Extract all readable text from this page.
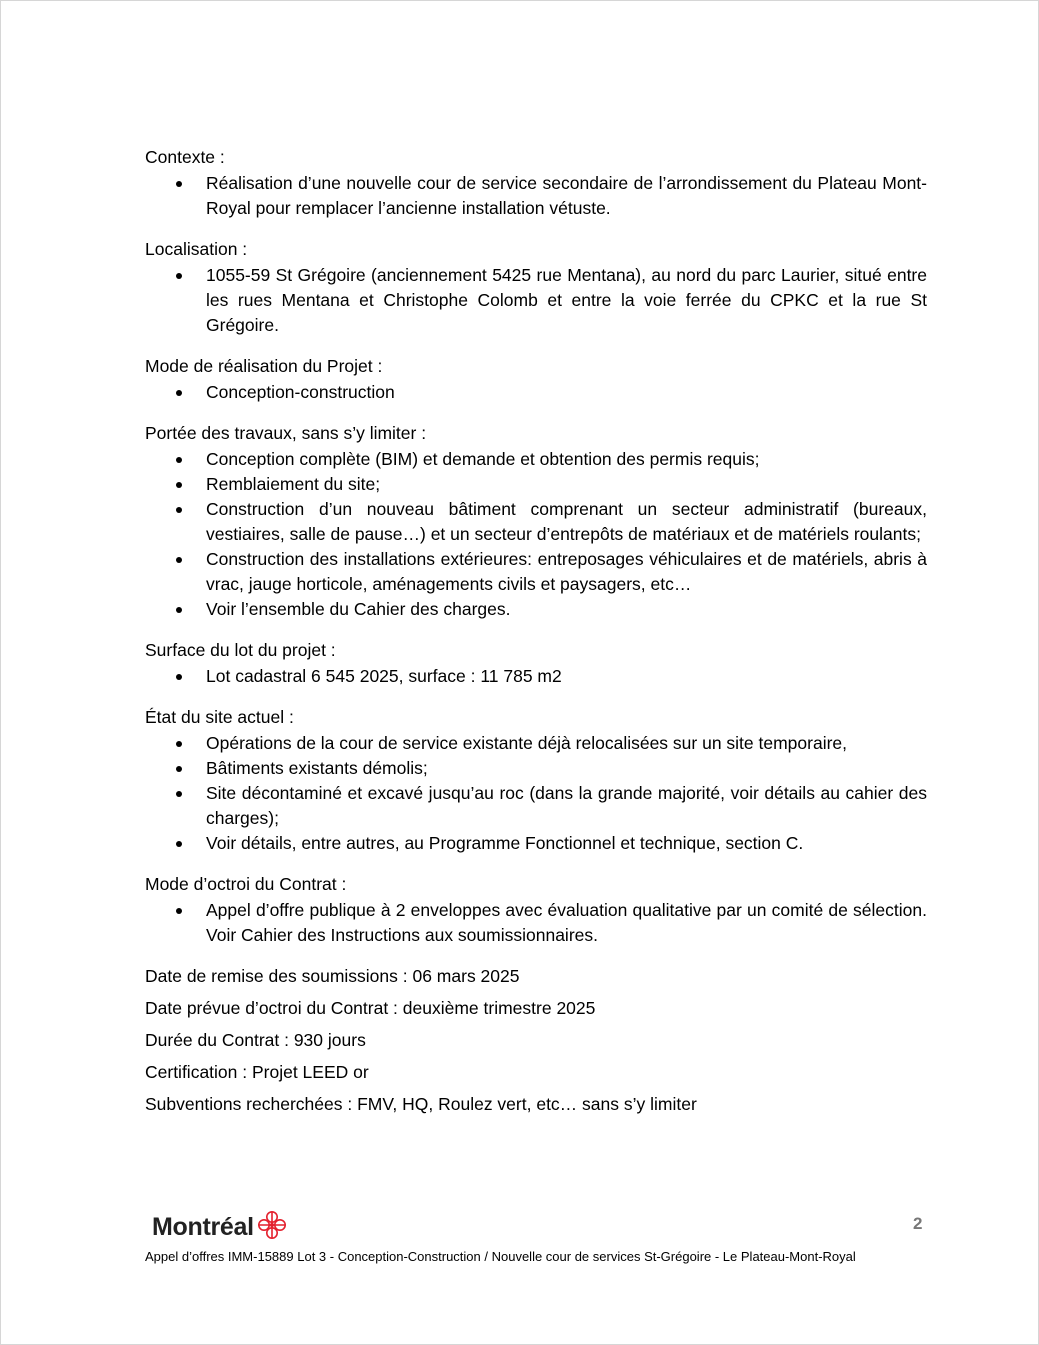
Contexte :

Réalisation d’une nouvelle cour de service secondaire de l’arrondissement du Plateau Mont-Royal pour remplacer l’ancienne installation vétuste.

Localisation :

1055-59 St Grégoire (anciennement 5425 rue Mentana), au nord du parc Laurier, situé entre les rues Mentana et Christophe Colomb et entre la voie ferrée du CPKC et la rue St Grégoire.

Mode de réalisation du Projet :

Conception-construction

Portée des travaux, sans s’y limiter :

Conception complète (BIM) et demande et obtention des permis requis;
Remblaiement du site;
Construction d’un nouveau bâtiment comprenant un secteur administratif (bureaux, vestiaires, salle de pause…) et un secteur d’entrepôts de matériaux et de matériels roulants;
Construction des installations extérieures: entreposages véhiculaires et de matériels, abris à vrac, jauge horticole, aménagements civils et paysagers, etc…
Voir l’ensemble du Cahier des charges.

Surface du lot du projet :

Lot cadastral 6 545 2025, surface : 11 785 m2

État du site actuel :

Opérations de la cour de service existante déjà relocalisées sur un site temporaire,
Bâtiments existants démolis;
Site décontaminé et excavé jusqu’au roc (dans la grande majorité, voir détails au cahier des charges);
Voir détails, entre autres, au Programme Fonctionnel et technique, section C.

Mode d’octroi du Contrat :

Appel d’offre publique à 2 enveloppes avec évaluation qualitative par un comité de sélection. Voir Cahier des Instructions aux soumissionnaires.

Date de remise des soumissions : 06 mars 2025

Date prévue d’octroi du Contrat : deuxième trimestre 2025

Durée du Contrat : 930 jours

Certification : Projet LEED or

Subventions recherchées : FMV, HQ, Roulez vert, etc… sans s’y limiter

Montréal	2
Appel d’offres IMM-15889 Lot 3 - Conception-Construction / Nouvelle cour de services St-Grégoire - Le Plateau-Mont-Royal
